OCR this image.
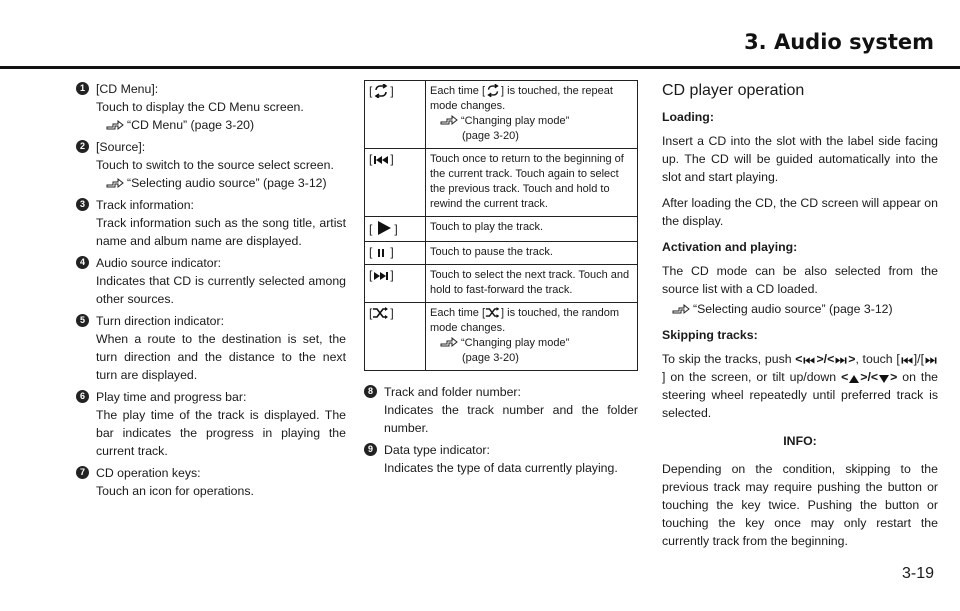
3. Audio system
1 [CD Menu]:
Touch to display the CD Menu screen.
“CD Menu” (page 3-20)
2 [Source]:
Touch to switch to the source select screen.
“Selecting audio source” (page 3-12)
3 Track information:
Track information such as the song title, artist name and album name are displayed.
4 Audio source indicator:
Indicates that CD is currently selected among other sources.
5 Turn direction indicator:
When a route to the destination is set, the turn direction and the distance to the next turn are displayed.
6 Play time and progress bar:
The play time of the track is displayed. The bar indicates the progress in playing the current track.
7 CD operation keys:
Touch an icon for operations.
[ ]	Each time [ ] is touched, the repeat mode changes.
“Changing play mode”
(page 3-20)

[ ]	Touch once to return to the beginning of the current track. Touch again to select the previous track. Touch and hold to rewind the current track.
[ ]	Touch to play the track.
[ ]	Touch to pause the track.
[ ]	Touch to select the next track. Touch and hold to fast-forward the track.
[ ]	Each time [ ] is touched, the random mode changes.
“Changing play mode”
(page 3-20)
8 Track and folder number:
Indicates the track number and the folder number.
9 Data type indicator:
Indicates the type of data currently playing.
CD player operation
Loading:
Insert a CD into the slot with the label side facing up. The CD will be guided automatically into the slot and start playing.
After loading the CD, the CD screen will appear on the display.
Activation and playing:
The CD mode can be also selected from the source list with a CD loaded.
“Selecting audio source” (page 3-12)
Skipping tracks:
To skip the tracks, push < >/< >, touch [ ]/[] on the screen, or tilt up/down < >/< > on the steering wheel repeatedly until preferred track is selected.
INFO:
Depending on the condition, skipping to the previous track may require pushing the button or touching the key twice. Pushing the button or touching the key once may only restart the currently track from the beginning.
3-19
